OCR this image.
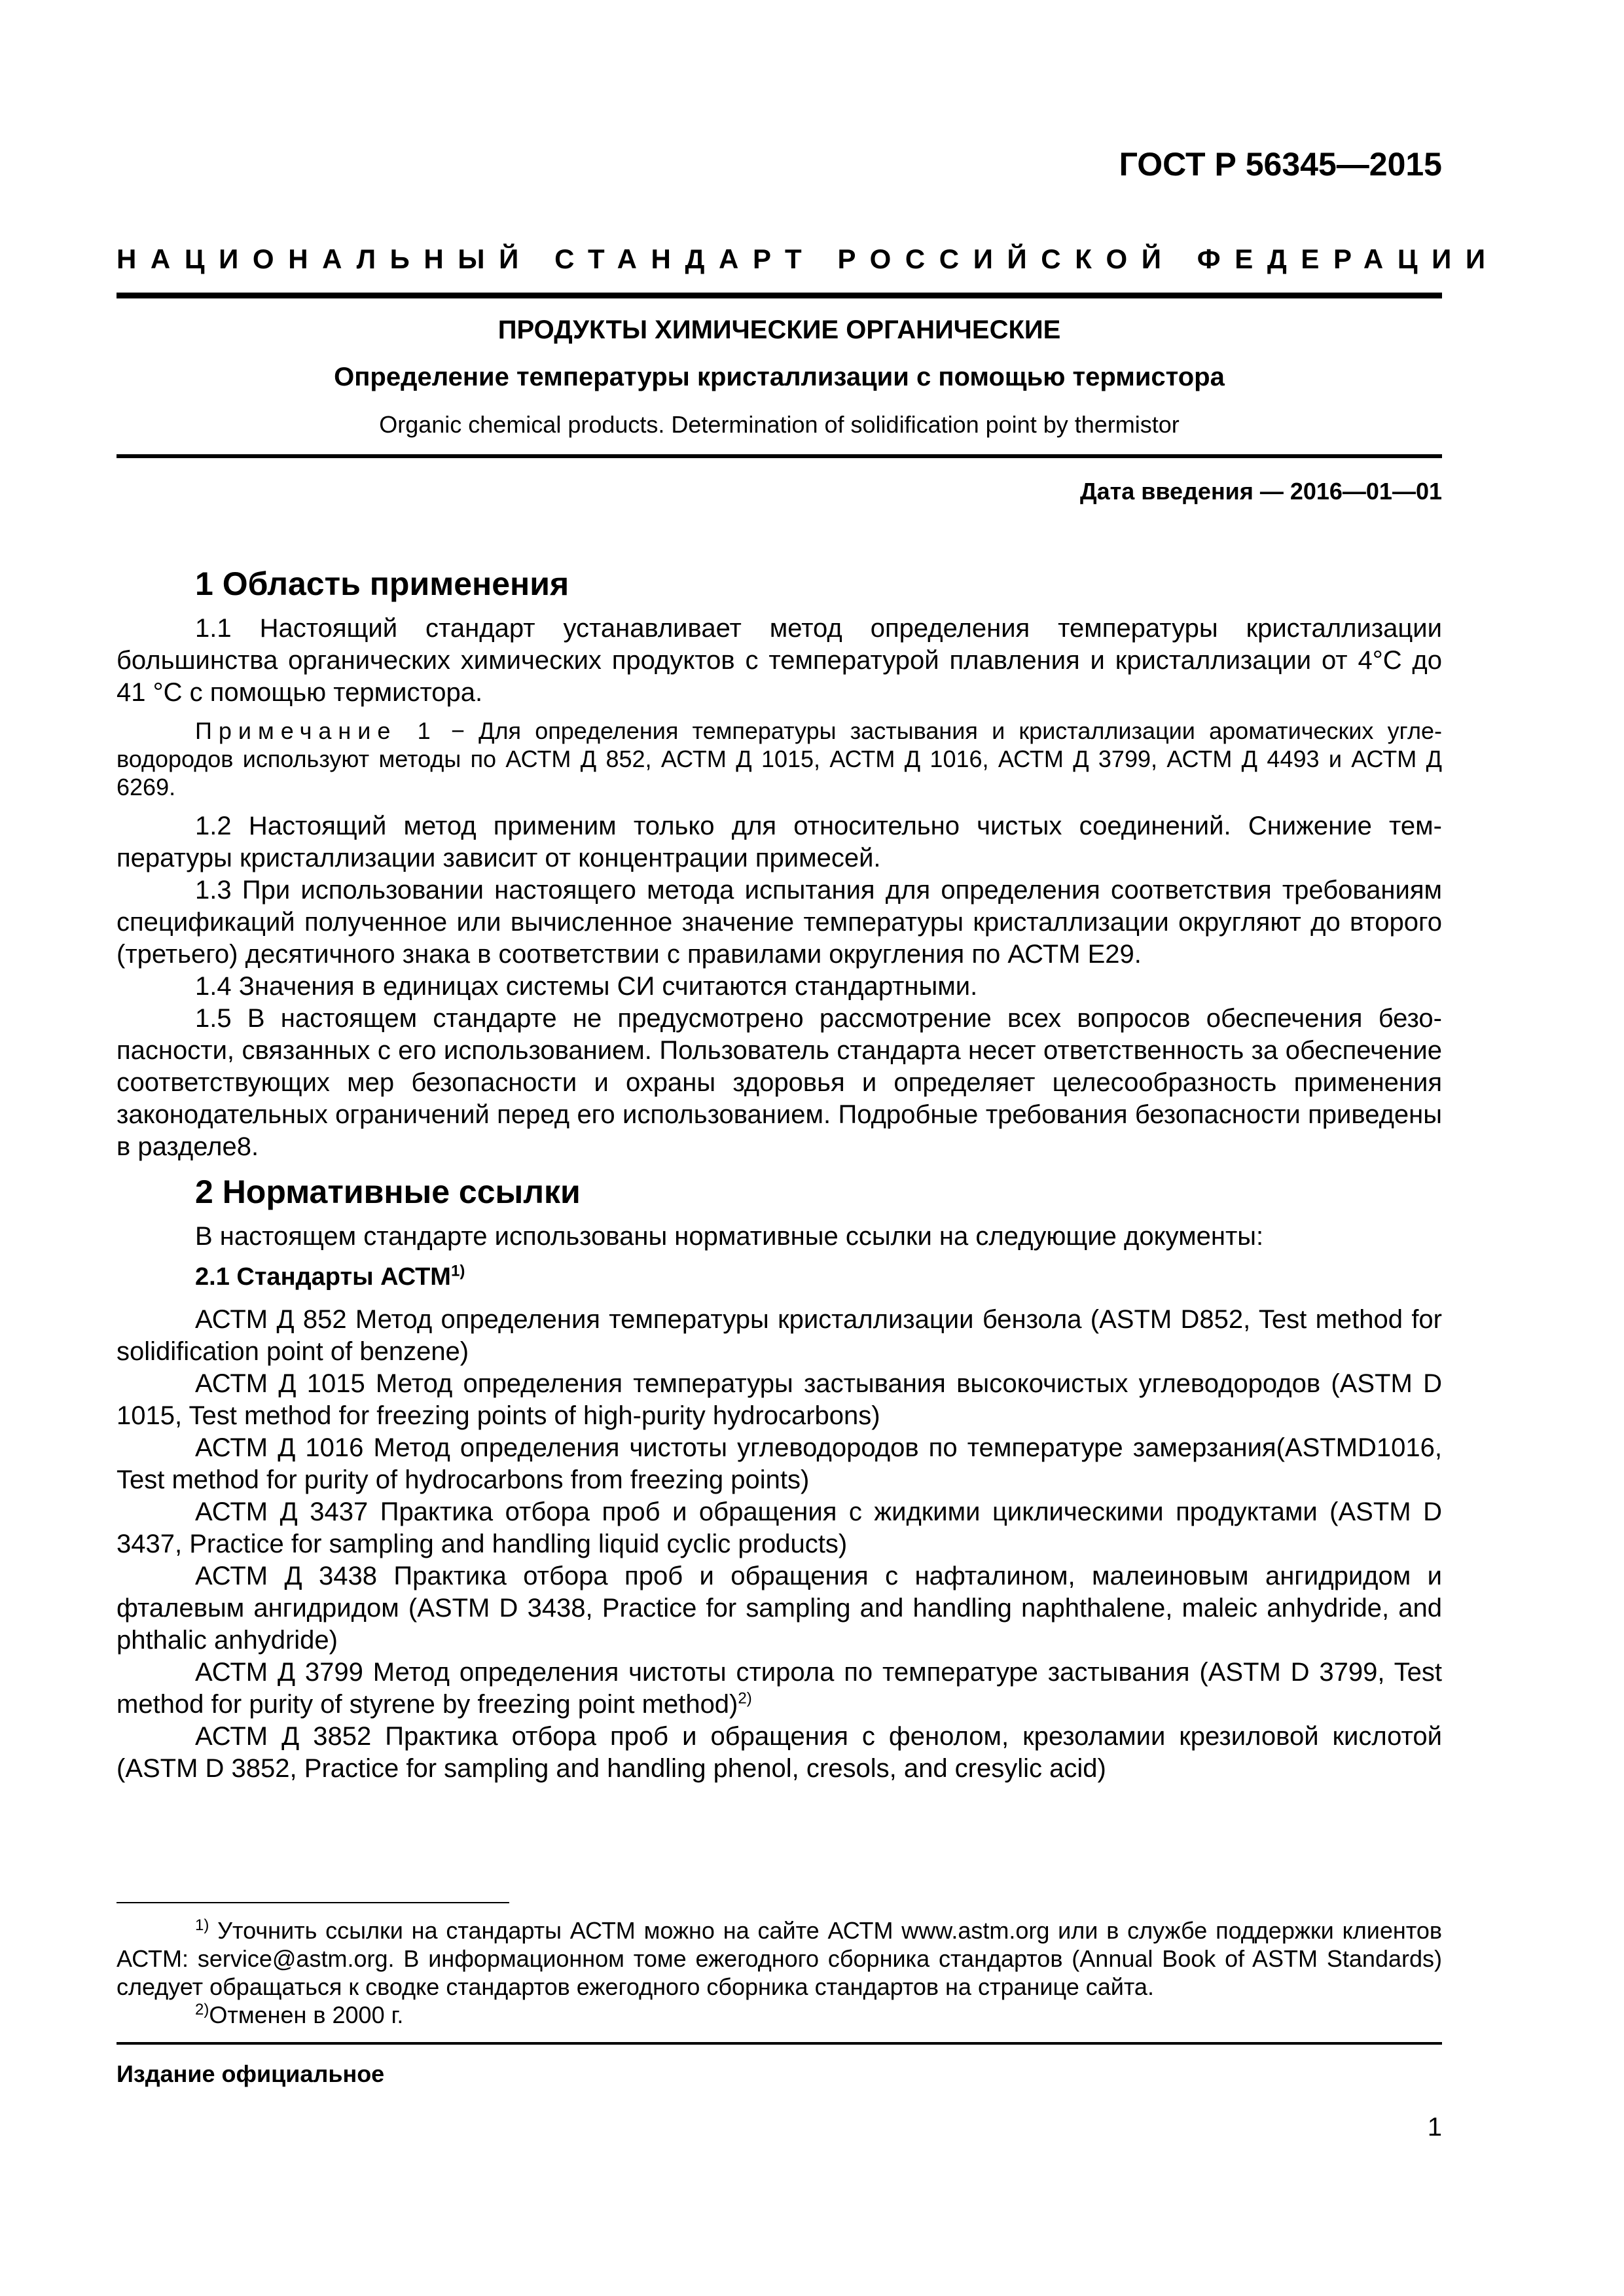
ГОСТ Р 56345—2015
НАЦИОНАЛЬНЫЙ СТАНДАРТ РОССИЙСКОЙ ФЕДЕРАЦИИ
ПРОДУКТЫ ХИМИЧЕСКИЕ ОРГАНИЧЕСКИЕ
Определение температуры кристаллизации с помощью термистора
Organic chemical products. Determination of solidification point by thermistor
Дата введения — 2016—01—01
1 Область применения

1.1 Настоящий стандарт устанавливает метод определения температуры кристаллизации большинства органических химических продуктов с температурой плавления и кристаллизации от 4°C до 41 °C с помощью термистора.

Примечание 1 − Для определения температуры застывания и кристаллизации ароматических углеводородов используют методы по АСТМ Д 852, АСТМ Д 1015, АСТМ Д 1016, АСТМ Д 3799, АСТМ Д 4493 и АСТМ Д 6269.

1.2 Настоящий метод применим только для относительно чистых соединений. Снижение температуры кристаллизации зависит от концентрации примесей.

1.3 При использовании настоящего метода испытания для определения соответствия требованиям спецификаций полученное или вычисленное значение температуры кристаллизации округляют до второго (третьего) десятичного знака в соответствии с правилами округления по АСТМ Е29.

1.4 Значения в единицах системы СИ считаются стандартными.

1.5 В настоящем стандарте не предусмотрено рассмотрение всех вопросов обеспечения безопасности, связанных с его использованием. Пользователь стандарта несет ответственность за обеспечение соответствующих мер безопасности и охраны здоровья и определяет целесообразность применения законодательных ограничений перед его использованием. Подробные требования безопасности приведены в разделе8.

2 Нормативные ссылки

В настоящем стандарте использованы нормативные ссылки на следующие документы:

2.1 Стандарты АСТМ$^{1)}$

АСТМ Д 852 Метод определения температуры кристаллизации бензола (ASTM D852, Test method for solidification point of benzene)

АСТМ Д 1015 Метод определения температуры застывания высокочистых углеводородов (ASTM D 1015, Test method for freezing points of high-purity hydrocarbons)

АСТМ Д 1016 Метод определения чистоты углеводородов по температуре замерзания(ASTMD1016, Test method for purity of hydrocarbons from freezing points)

АСТМ Д 3437 Практика отбора проб и обращения с жидкими циклическими продуктами (ASTM D 3437, Practice for sampling and handling liquid cyclic products)

АСТМ Д 3438 Практика отбора проб и обращения с нафталином, малеиновым ангидридом и фталевым ангидридом (ASTM D 3438, Practice for sampling and handling naphthalene, maleic anhydride, and phthalic anhydride)

АСТМ Д 3799 Метод определения чистоты стирола по температуре застывания (ASTM D 3799, Test method for purity of styrene by freezing point method)$^{2)}$

АСТМ Д 3852 Практика отбора проб и обращения с фенолом, крезоламии крезиловой кислотой (ASTM D 3852, Practice for sampling and handling phenol, cresols, and cresylic acid)

$^{1)}$ Уточнить ссылки на стандарты АСТМ можно на сайте АСТМ www.astm.org или в службе поддержки клиентов АСТМ: service@astm.org. В информационном томе ежегодного сборника стандартов (Annual Book of ASTM Standards) следует обращаться к сводке стандартов ежегодного сборника стандартов на странице сайта.

$^{2)}$Отменен в 2000 г.

Издание официальное
1
